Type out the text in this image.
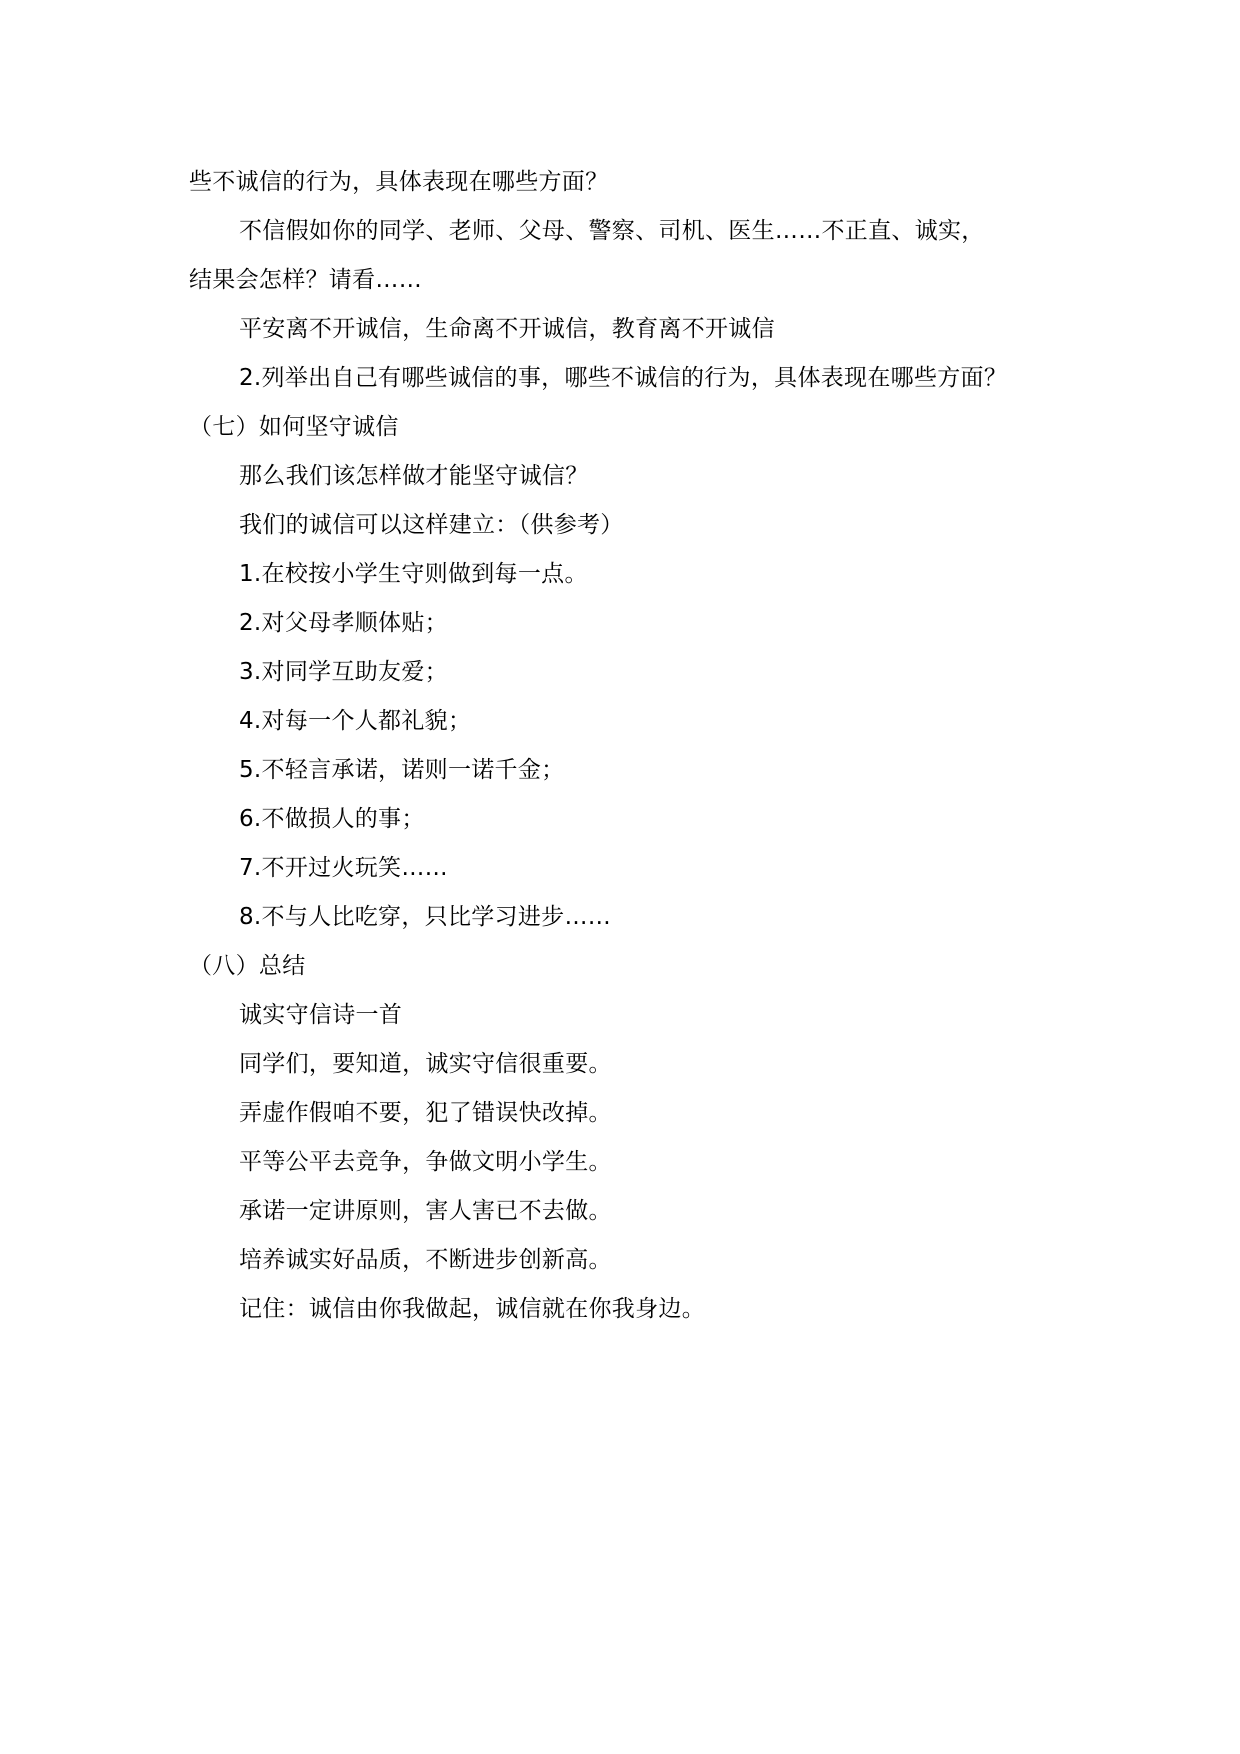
些不诚信的行为，具体表现在哪些方面？
不信假如你的同学、老师、父母、警察、司机、医生……不正直、诚实，
结果会怎样？请看……
平安离不开诚信，生命离不开诚信，教育离不开诚信
2.列举出自己有哪些诚信的事，哪些不诚信的行为，具体表现在哪些方面？
（七）如何坚守诚信
那么我们该怎样做才能坚守诚信？
我们的诚信可以这样建立：（供参考）
1.在校按小学生守则做到每一点。
2.对父母孝顺体贴；
3.对同学互助友爱；
4.对每一个人都礼貌；
5.不轻言承诺，诺则一诺千金；
6.不做损人的事；
7.不开过火玩笑……
8.不与人比吃穿，只比学习进步……
（八）总结
诚实守信诗一首
同学们，要知道，诚实守信很重要。
弄虚作假咱不要，犯了错误快改掉。
平等公平去竞争，争做文明小学生。
承诺一定讲原则，害人害已不去做。
培养诚实好品质，不断进步创新高。
记住：诚信由你我做起，诚信就在你我身边。
